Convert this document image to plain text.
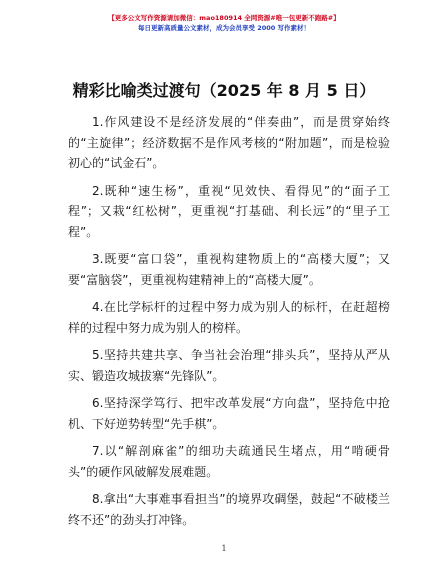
【更多公文写作资源请加微信：mao180914 全网资源#唯一包更新不跑路#】
每日更新高质量公文素材，成为会员享受 2000 写作素材！
精彩比喻类过渡句（2025 年 8 月 5 日）

1.作风建设不是经济发展的“伴奏曲”，而是贯穿始终的“主旋律”；经济数据不是作风考核的“附加题”，而是检验初心的“试金石”。

2.既种“速生杨”，重视“见效快、看得见”的“面子工程”；又栽“红松树”，更重视“打基础、利长远”的“里子工程”。

3.既要“富口袋”，重视构建物质上的“高楼大厦”；又要“富脑袋”，更重视构建精神上的“高楼大厦”。

4.在比学标杆的过程中努力成为别人的标杆，在赶超榜样的过程中努力成为别人的榜样。

5.坚持共建共享、争当社会治理“排头兵”，坚持从严从实、锻造攻城拔寨“先锋队”。

6.坚持深学笃行、把牢改革发展“方向盘”，坚持危中抢机、下好逆势转型“先手棋”。

7.以“解剖麻雀”的细功夫疏通民生堵点，用“啃硬骨头”的硬作风破解发展难题。

8.拿出“大事难事看担当”的境界攻碉堡，鼓起“不破楼兰终不还”的劲头打冲锋。

1
